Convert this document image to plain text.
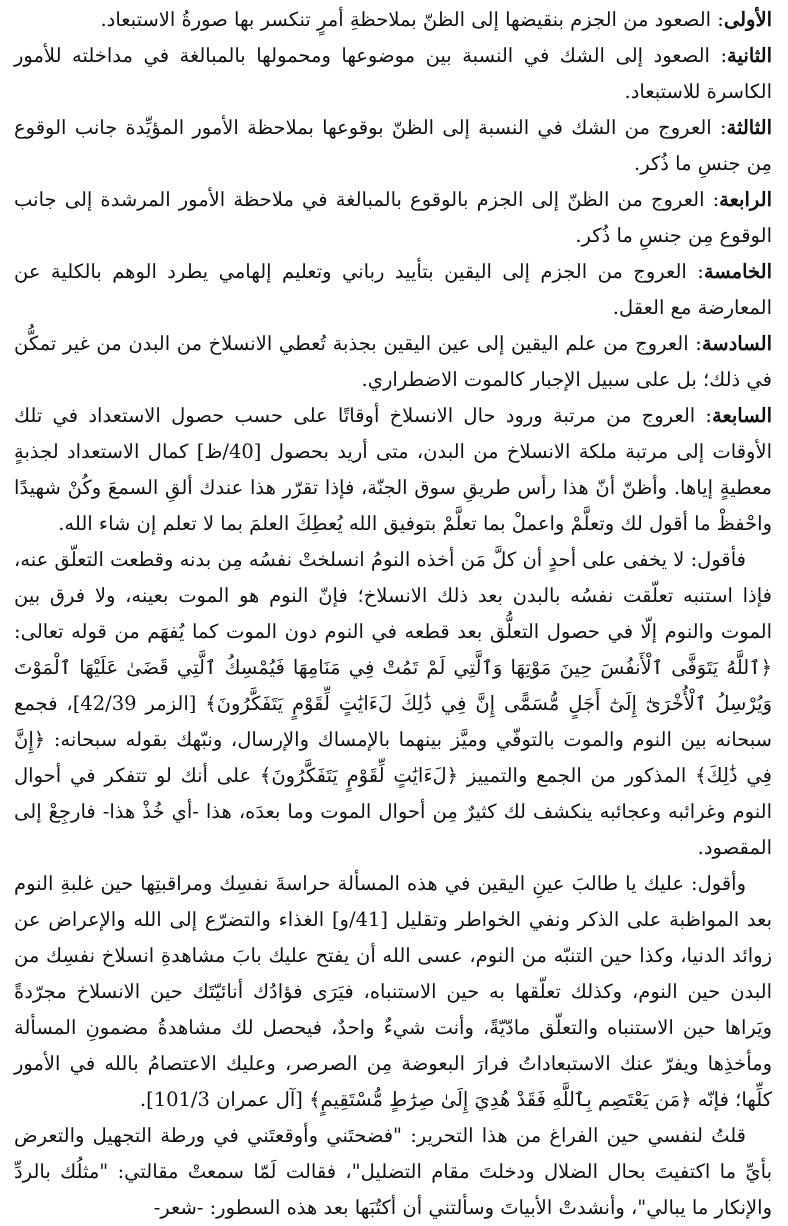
الأولى: الصعود من الجزم بنقيضها إلى الظنّ بملاحظةِ أمرٍ تنكسر بها صورةُ الاستبعاد.

الثانية: الصعود إلى الشك في النسبة بين موضوعها ومحمولها بالمبالغة في مداخلته للأمور الكاسرة للاستبعاد.

الثالثة: العروج من الشك في النسبة إلى الظنّ بوقوعها بملاحظة الأمور المؤيِّدة جانب الوقوع مِن جنسِ ما ذُكر.

الرابعة: العروج من الظنّ إلى الجزم بالوقوع بالمبالغة في ملاحظة الأمور المرشدة إلى جانب الوقوع مِن جنسِ ما ذُكر.

الخامسة: العروج من الجزم إلى اليقين بتأييد رباني وتعليم إلهامي يطرد الوهم بالكلية عن المعارضة مع العقل.

السادسة: العروج من علم اليقين إلى عين اليقين بجذبة تُعطي الانسلاخ من البدن من غير تمكُّن في ذلك؛ بل على سبيل الإجبار كالموت الاضطراري.

السابعة: العروج من مرتبة ورود حال الانسلاخ أوقاتًا على حسب حصول الاستعداد في تلك الأوقات إلى مرتبة ملكة الانسلاخ من البدن، متى أريد بحصول [40/ظ] كمال الاستعداد لجذبةٍ معطيةٍ إياها. وأظنّ أنّ هذا رأس طريقِ سوق الجنّة، فإذا تقرّر هذا عندك ألقِ السمعَ وكُنْ شهيدًا واحْفظْ ما أقول لك وتعلَّمْ واعملْ بما تعلَّمْ بتوفيق الله يُعطِكَ العلمَ بما لا تعلم إن شاء الله.

فأقول: لا يخفى على أحدٍ أن كلَّ مَن أخذه النومُ انسلختْ نفسُه مِن بدنه وقطعت التعلّق عنه، فإذا استنبه تعلّقت نفسُه بالبدن بعد ذلك الانسلاخ؛ فإنّ النوم هو الموت بعينه، ولا فرق بين الموت والنوم إلّا في حصول التعلُّق بعد قطعه في النوم دون الموت كما يُفهَم من قوله تعالى: ﴿ٱللَّهُ يَتَوَفَّى ٱلْأَنفُسَ حِينَ مَوْتِهَا وَٱلَّتِي لَمْ تَمُتْ فِي مَنَامِهَا فَيُمْسِكُ ٱلَّتِي قَضَىٰ عَلَيْهَا ٱلْمَوْتَ وَيُرْسِلُ ٱلْأُخْرَىٰٓ إِلَىٰٓ أَجَلٍ مُّسَمًّى إِنَّ فِي ذَٰلِكَ لَءَايَٰتٍ لِّقَوْمٍ يَتَفَكَّرُونَ﴾ [الزمر 42/39]، فجمع سبحانه بين النوم والموت بالتوفّي وميَّز بينهما بالإمساك والإرسال، ونبّهك بقوله سبحانه: ﴿إِنَّ فِي ذَٰلِكَ﴾ المذكور من الجمع والتمييز ﴿لَءَايَٰتٍ لِّقَوْمٍ يَتَفَكَّرُونَ﴾ على أنك لو تتفكر في أحوال النوم وغرائبه وعجائبه ينكشف لك كثيرٌ مِن أحوال الموت وما بعدَه، هذا -أي خُذْ هذا- فارجِعْ إلى المقصود.

وأقول: عليك يا طالبَ عينِ اليقين في هذه المسألة حراسةَ نفسِك ومراقبتِها حين غلبةِ النوم بعد المواظبة على الذكر ونفي الخواطر وتقليل [41/و] الغذاء والتضرّع إلى الله والإعراض عن زوائد الدنيا، وكذا حين التنبّه من النوم، عسى الله أن يفتح عليك بابَ مشاهدةِ انسلاخ نفسِك من البدن حين النوم، وكذلك تعلّقها به حين الاستنباه، فيَرَى فؤادُك أنائيّتَك حين الانسلاخ مجرّدةً ويَراها حين الاستنباه والتعلّق مادّيّةً، وأنت شيءٌ واحدٌ، فيحصل لك مشاهدةُ مضمونِ المسألة ومأخذِها ويفرّ عنك الاستبعاداتُ فرارَ البعوضة مِن الصرصر، وعليك الاعتصامُ بالله في الأمور كلِّها؛ فإنّه ﴿مَن يَعْتَصِم بِٱللَّهِ فَقَدْ هُدِيَ إِلَىٰ صِرَٰطٍ مُّسْتَقِيمٍ﴾ [آل عمران 101/3].

قلتُ لنفسي حين الفراغ من هذا التحرير: "فضحتَني وأوقعتَني في ورطة التجهيل والتعرض بأيِّ ما اكتفيتَ بحال الضلال ودخلتَ مقام التضليل"، فقالت لَمّا سمعتْ مقالتي: "مثلُك بالردِّ والإنكار ما يبالي"، وأنشدتْ الأبياتَ وسألتني أن أكتُبَها بعد هذه السطور: -شعر-
